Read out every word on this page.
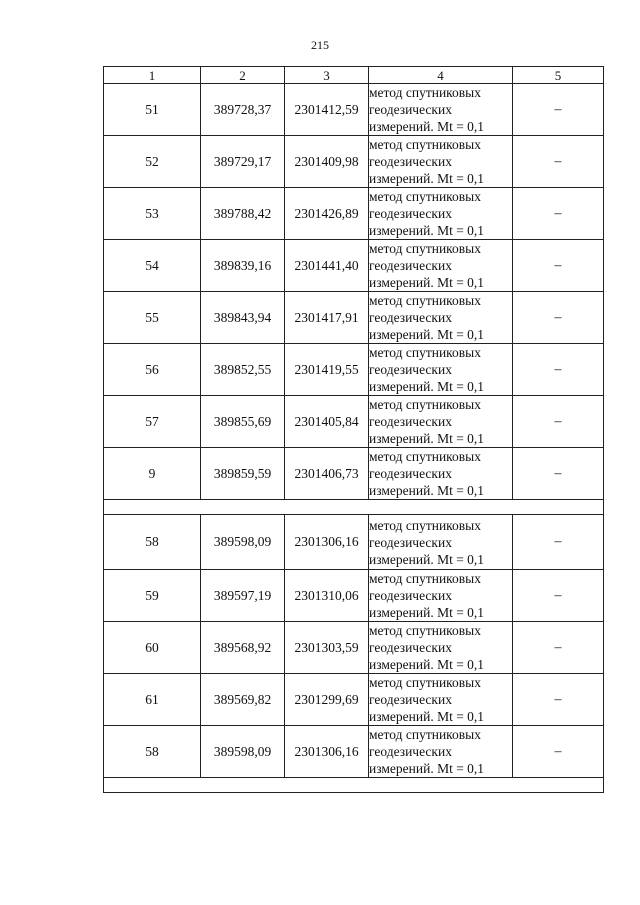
215
1	2	3	4	5
51	389728,37	2301412,59	метод спутниковых
геодезических
измерений. Mt = 0,1	–
52	389729,17	2301409,98	метод спутниковых
геодезических
измерений. Mt = 0,1	–
53	389788,42	2301426,89	метод спутниковых
геодезических
измерений. Mt = 0,1	–
54	389839,16	2301441,40	метод спутниковых
геодезических
измерений. Mt = 0,1	–
55	389843,94	2301417,91	метод спутниковых
геодезических
измерений. Mt = 0,1	–
56	389852,55	2301419,55	метод спутниковых
геодезических
измерений. Mt = 0,1	–
57	389855,69	2301405,84	метод спутниковых
геодезических
измерений. Mt = 0,1	–
9	389859,59	2301406,73	метод спутниковых
геодезических
измерений. Mt = 0,1	–

58	389598,09	2301306,16	метод спутниковых
геодезических
измерений. Mt = 0,1	–
59	389597,19	2301310,06	метод спутниковых
геодезических
измерений. Mt = 0,1	–
60	389568,92	2301303,59	метод спутниковых
геодезических
измерений. Mt = 0,1	–
61	389569,82	2301299,69	метод спутниковых
геодезических
измерений. Mt = 0,1	–
58	389598,09	2301306,16	метод спутниковых
геодезических
измерений. Mt = 0,1	–
